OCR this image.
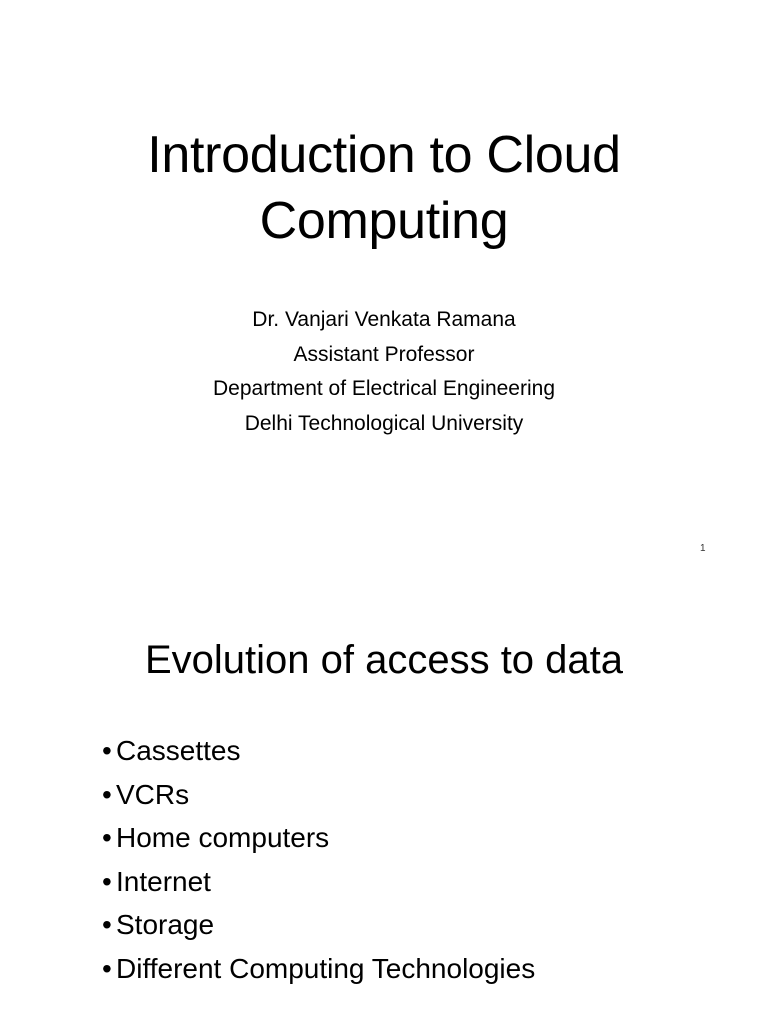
Introduction to Cloud
Computing
Dr. Vanjari Venkata Ramana
Assistant Professor
Department of Electrical Engineering
Delhi Technological University
1
Evolution of access to data
• Cassettes
• VCRs
• Home computers
• Internet
• Storage
• Different Computing Technologies
